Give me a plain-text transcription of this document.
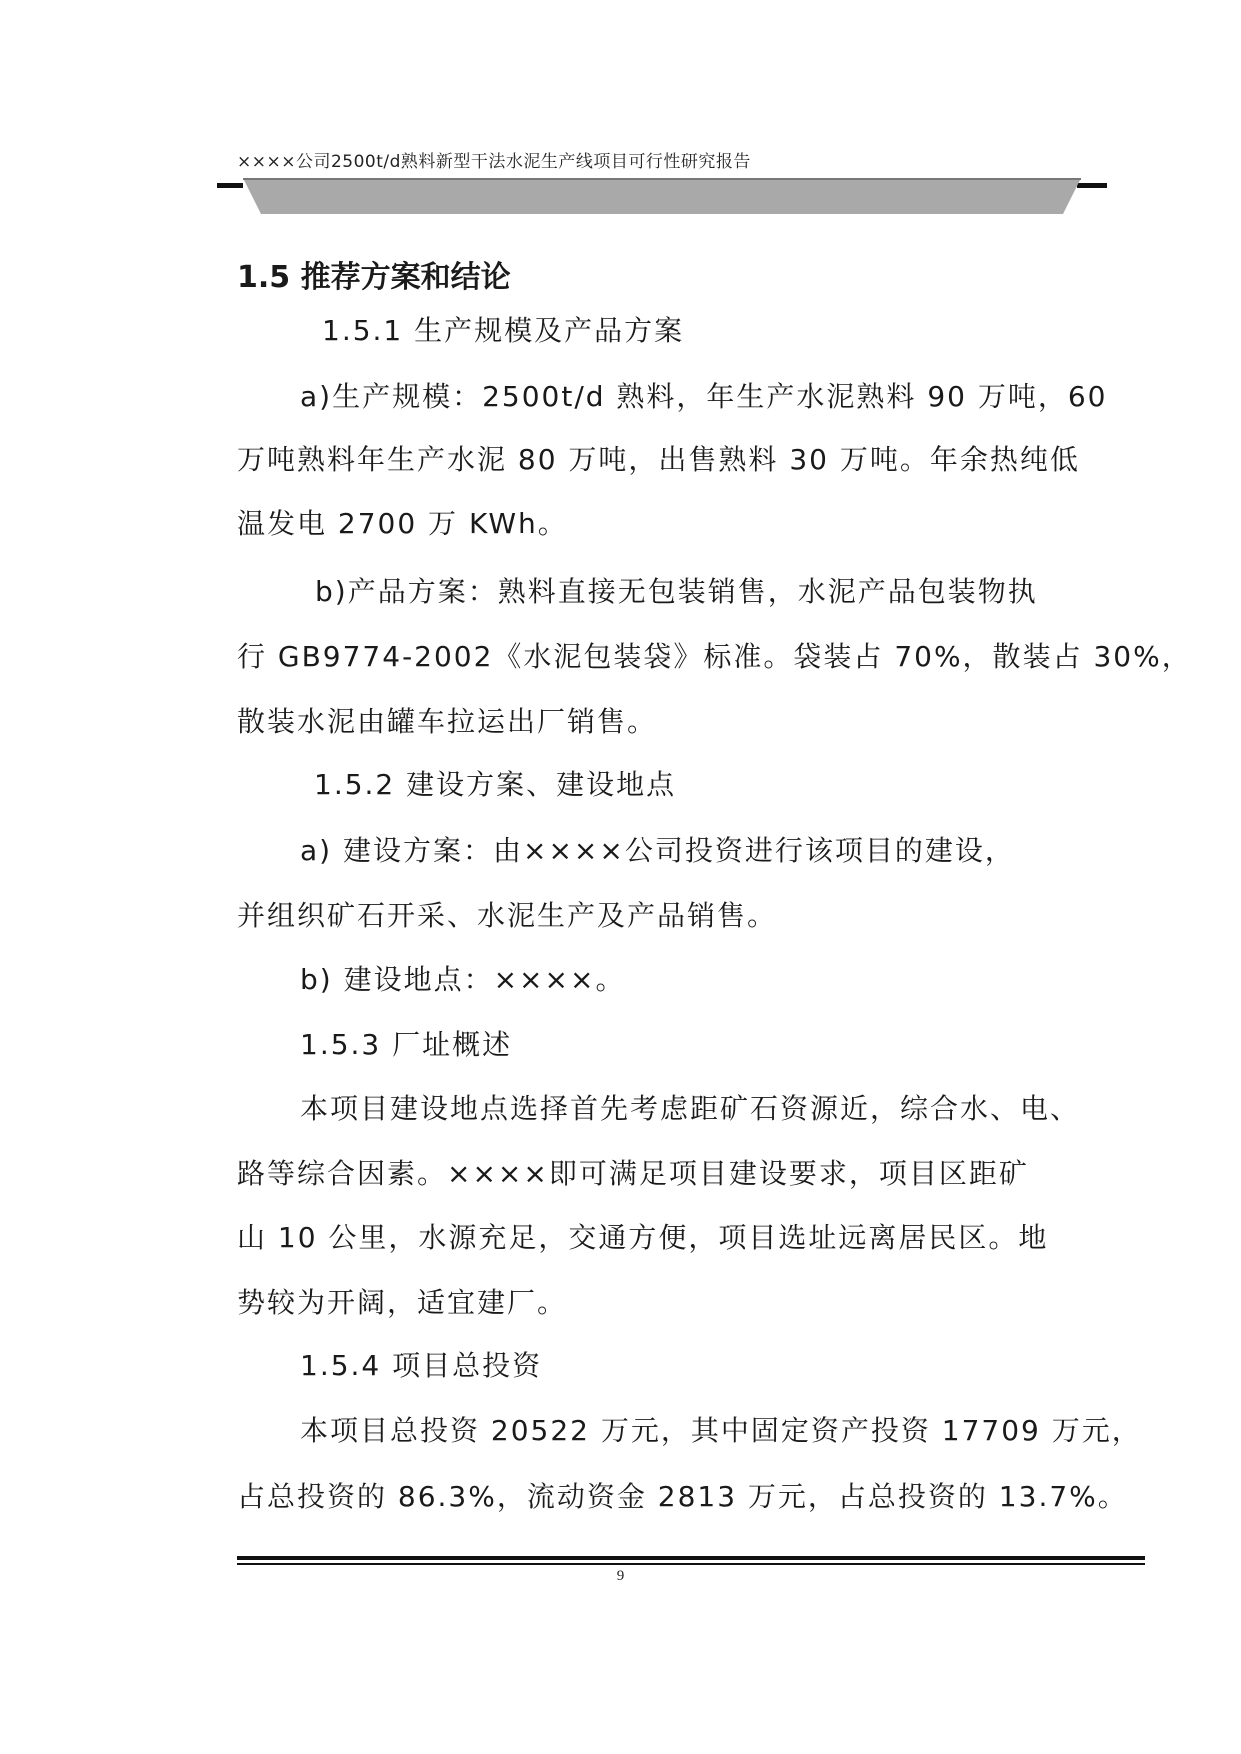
××××公司2500t/d熟料新型干法水泥生产线项目可行性研究报告
1.5 推荐方案和结论
1.5.1 生产规模及产品方案
a)生产规模：2500t/d 熟料，年生产水泥熟料 90 万吨，60
万吨熟料年生产水泥 80 万吨，出售熟料 30 万吨。年余热纯低
温发电 2700 万 KWh。
b)产品方案：熟料直接无包装销售，水泥产品包装物执
行 GB9774-2002《水泥包装袋》标准。袋装占 70%，散装占 30%，
散装水泥由罐车拉运出厂销售。
1.5.2 建设方案、建设地点
a) 建设方案：由××××公司投资进行该项目的建设，
并组织矿石开采、水泥生产及产品销售。
b) 建设地点：××××。
1.5.3 厂址概述
本项目建设地点选择首先考虑距矿石资源近，综合水、电、
路等综合因素。××××即可满足项目建设要求，项目区距矿
山 10 公里，水源充足，交通方便，项目选址远离居民区。地
势较为开阔，适宜建厂。
1.5.4 项目总投资
本项目总投资 20522 万元，其中固定资产投资 17709 万元，
占总投资的 86.3%，流动资金 2813 万元，占总投资的 13.7%。
9
